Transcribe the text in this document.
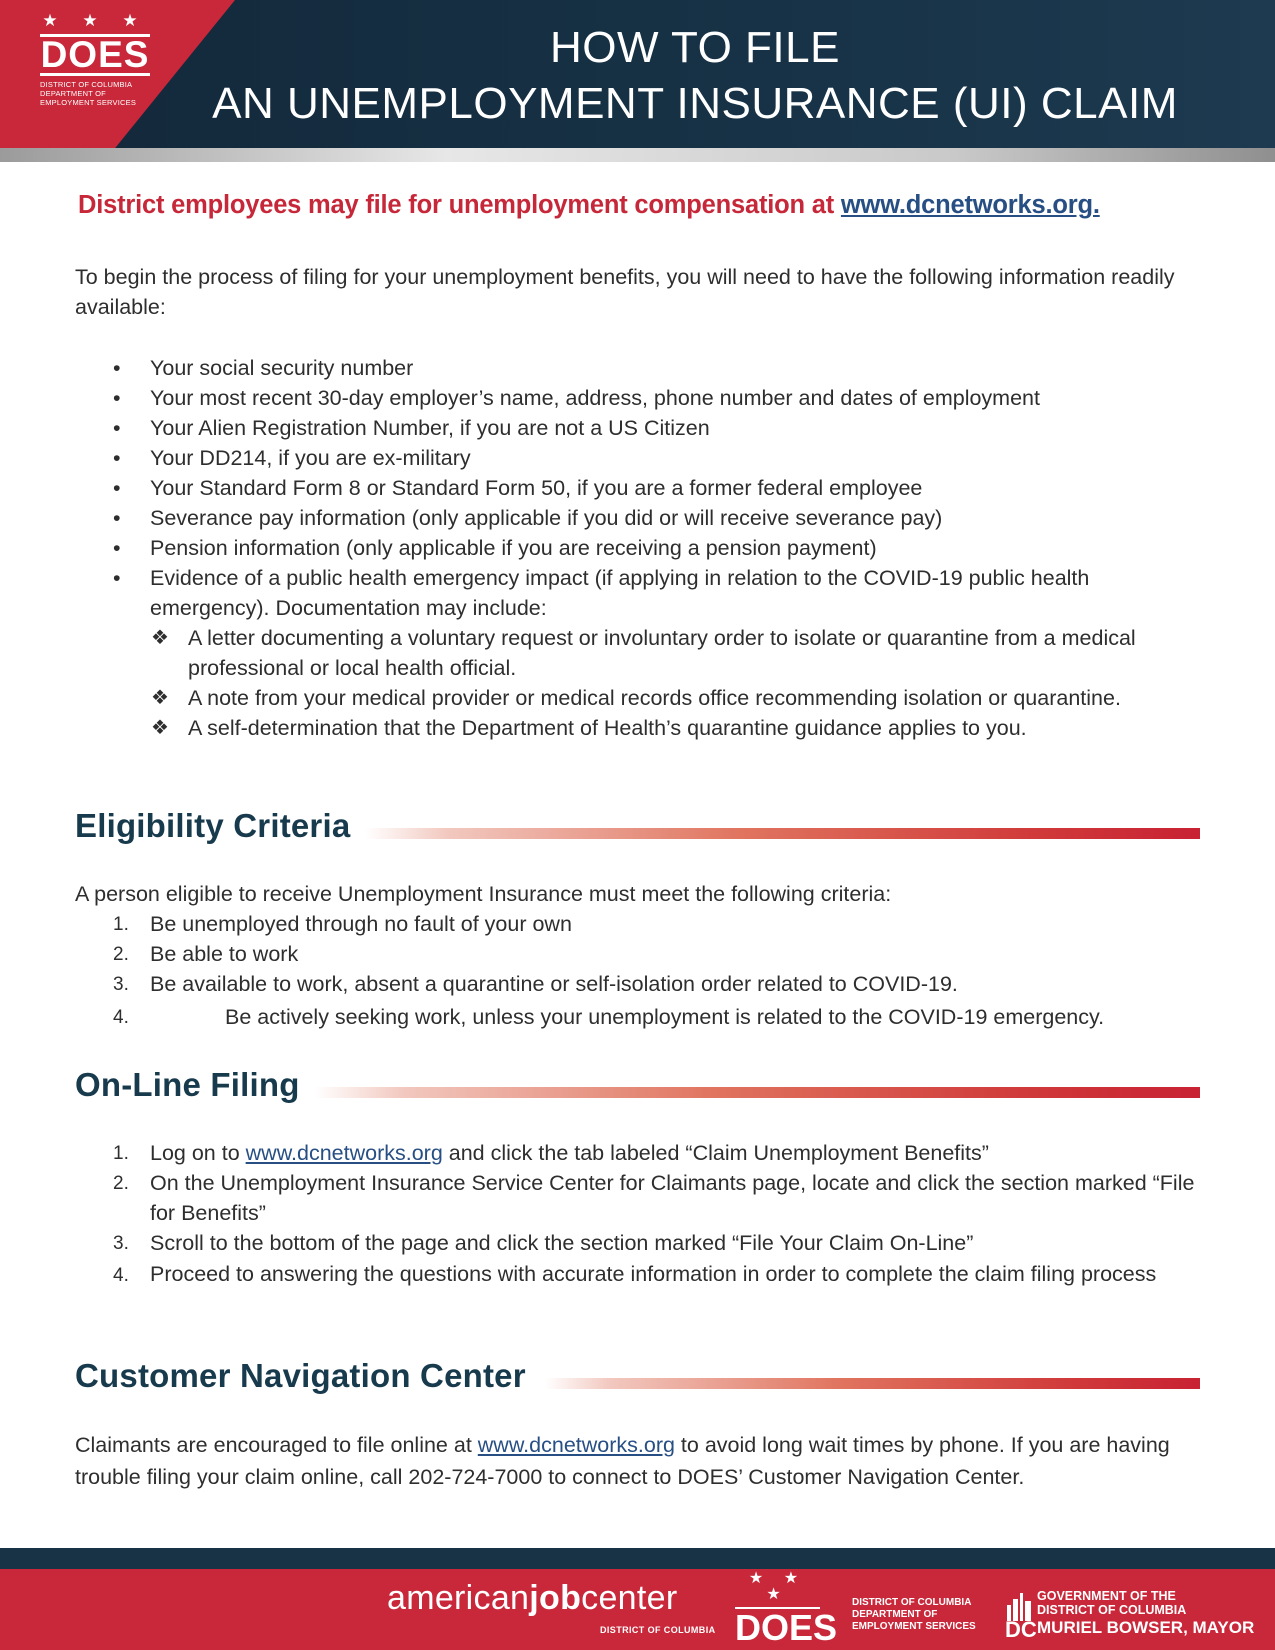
★ ★ ★
DOES
DISTRICT OF COLUMBIA
DEPARTMENT OF
EMPLOYMENT SERVICES
HOW TO FILE
AN UNEMPLOYMENT INSURANCE (UI) CLAIM
District employees may file for unemployment compensation at www.dcnetworks.org.
To begin the process of filing for your unemployment benefits, you will need to have the following information readily available:
• Your social security number
• Your most recent 30-day employer’s name, address, phone number and dates of employment
• Your Alien Registration Number, if you are not a US Citizen
• Your DD214, if you are ex-military
• Your Standard Form 8 or Standard Form 50, if you are a former federal employee
• Severance pay information (only applicable if you did or will receive severance pay)
• Pension information (only applicable if you are receiving a pension payment)
• Evidence of a public health emergency impact (if applying in relation to the COVID-19 public health emergency). Documentation may include:
❖ A letter documenting a voluntary request or involuntary order to isolate or quarantine from a medical professional or local health official.
❖ A note from your medical provider or medical records office recommending isolation or quarantine.
❖ A self-determination that the Department of Health’s quarantine guidance applies to you.
Eligibility Criteria
A person eligible to receive Unemployment Insurance must meet the following criteria:
1. Be unemployed through no fault of your own
2. Be able to work
3. Be available to work, absent a quarantine or self-isolation order related to COVID-19.
4.	Be actively seeking work, unless your unemployment is related to the COVID-19 emergency.
On-Line Filing
1. Log on to www.dcnetworks.org and click the tab labeled “Claim Unemployment Benefits”
2. On the Unemployment Insurance Service Center for Claimants page, locate and click the section marked “File for Benefits”
3. Scroll to the bottom of the page and click the section marked “File Your Claim On-Line”
4. Proceed to answering the questions with accurate information in order to complete the claim filing process
Customer Navigation Center
Claimants are encouraged to file online at www.dcnetworks.org to avoid long wait times by phone. If you are having trouble filing your claim online, call 202-724-7000 to connect to DOES’ Customer Navigation Center.
americanjobcenter
DISTRICT OF COLUMBIA
★ ★ ★
DOES
DISTRICT OF COLUMBIA
DEPARTMENT OF
EMPLOYMENT SERVICES DC
GOVERNMENT OF THE
DISTRICT OF COLUMBIA
MURIEL BOWSER, MAYOR
